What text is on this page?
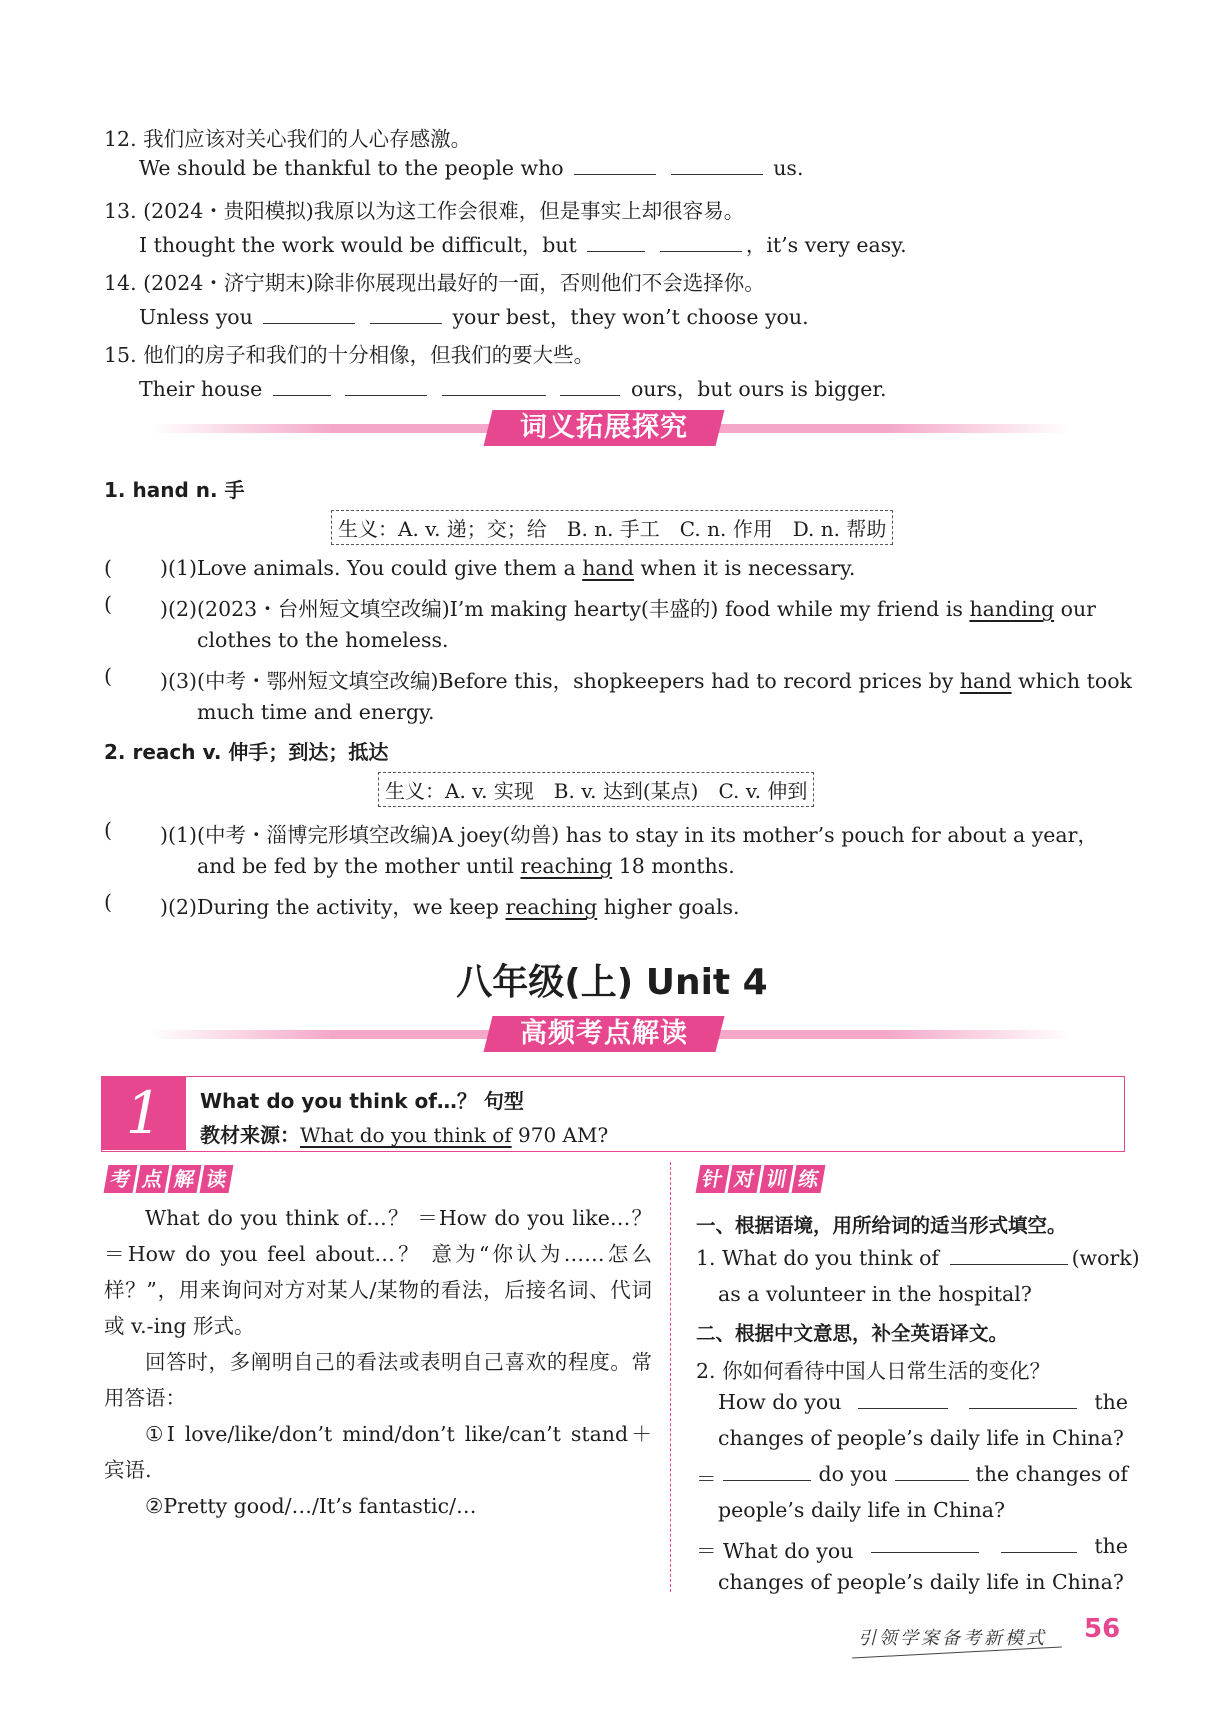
12. 我们应该对关心我们的人心存感激。
We should be thankful to the people who	us.
13. (2024・贵阳模拟)我原以为这工作会很难，但是事实上却很容易。
I thought the work would be difficult，but	，it’s very easy.
14. (2024・济宁期末)除非你展现出最好的一面，否则他们不会选择你。
Unless you	your best，they won’t choose you.
15. 他们的房子和我们的十分相像，但我们的要大些。
Their house	ours，but ours is bigger.
词义拓展探究
1. hand n. 手
生义：A. v. 递；交；给　B. n. 手工　C. n. 作用　D. n. 帮助
( )(1)Love animals. You could give them a hand when it is necessary.
( )(2)(2023・台州短文填空改编)I’m making hearty(丰盛的) food while my friend is handing our
clothes to the homeless.
( )(3)(中考・鄂州短文填空改编)Before this，shopkeepers had to record prices by hand which took
much time and energy.
2. reach v. 伸手；到达；抵达
生义：A. v. 实现　B. v. 达到(某点)　C. v. 伸到
( )(1)(中考・淄博完形填空改编)A joey(幼兽) has to stay in its mother’s pouch for about a year，
and be fed by the mother until reaching 18 months.
( )(2)During the activity，we keep reaching higher goals.
八年级(上) Unit 4
高频考点解读
1	What do you think of…？ 句型
教材来源：What do you think of 970 AM?
考 点 解 读	针 对 训 练

What do you think of…？ ＝How do you like…？ ＝How do you feel about…？ 意为“你认为……怎么样？”，用来询问对方对某人/某物的看法，后接名词、代词或 v.-ing 形式。

回答时，多阐明自己的看法或表明自己喜欢的程度。常用答语：

①I love/like/don’t mind/don’t like/can’t stand＋宾语.

②Pretty good/…/It’s fantastic/…

一、根据语境，用所给词的适当形式填空。
1. What do you think of	(work)
as a volunteer in the hospital?
二、根据中文意思，补全英语译文。
2. 你如何看待中国人日常生活的变化？
How do you	the
changes of people’s daily life in China?
＝	do you	the changes of
people’s daily life in China?
＝ What do you	the
changes of people’s daily life in China?
引领学案备考新模式 56
